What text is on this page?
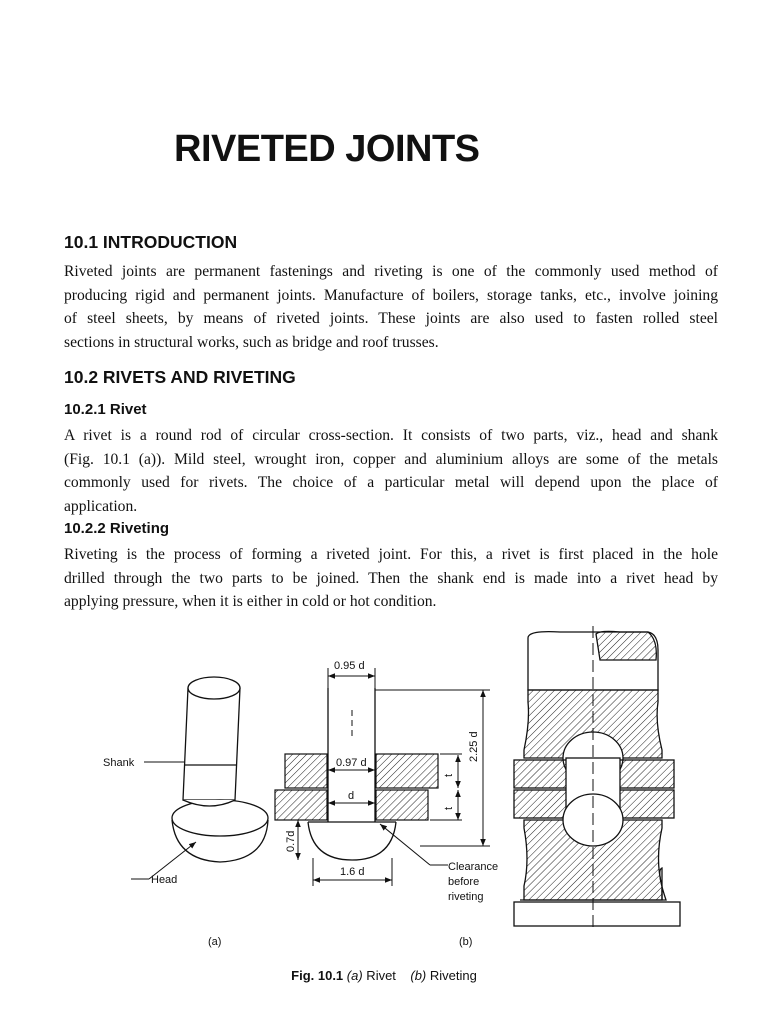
RIVETED JOINTS
10.1 INTRODUCTION

Riveted joints are permanent fastenings and riveting is one of the commonly used method of
producing rigid and permanent joints. Manufacture of boilers, storage tanks, etc., involve joining
of steel sheets, by means of riveted joints. These joints are also used to fasten rolled steel
sections in structural works, such as bridge and roof trusses.

10.2 RIVETS AND RIVETING
10.2.1 Rivet

A rivet is a round rod of circular cross-section. It consists of two parts, viz., head and shank
(Fig. 10.1 (a)). Mild steel, wrought iron, copper and aluminium alloys are some of the metals
commonly used for rivets. The choice of a particular metal will depend upon the place of
application.

10.2.2 Riveting

Riveting is the process of forming a riveted joint. For this, a rivet is first placed in the hole
drilled through the two parts to be joined. Then the shank end is made into a rivet head by
applying pressure, when it is either in cold or hot condition.

Shank
Head
(a)
0.95 d
0.97 d
d
0.7d
1.6 d
t
t
2.25 d
Clearance
before
riveting
(b)

Fig. 10.1 (a) Rivet (b) Riveting
